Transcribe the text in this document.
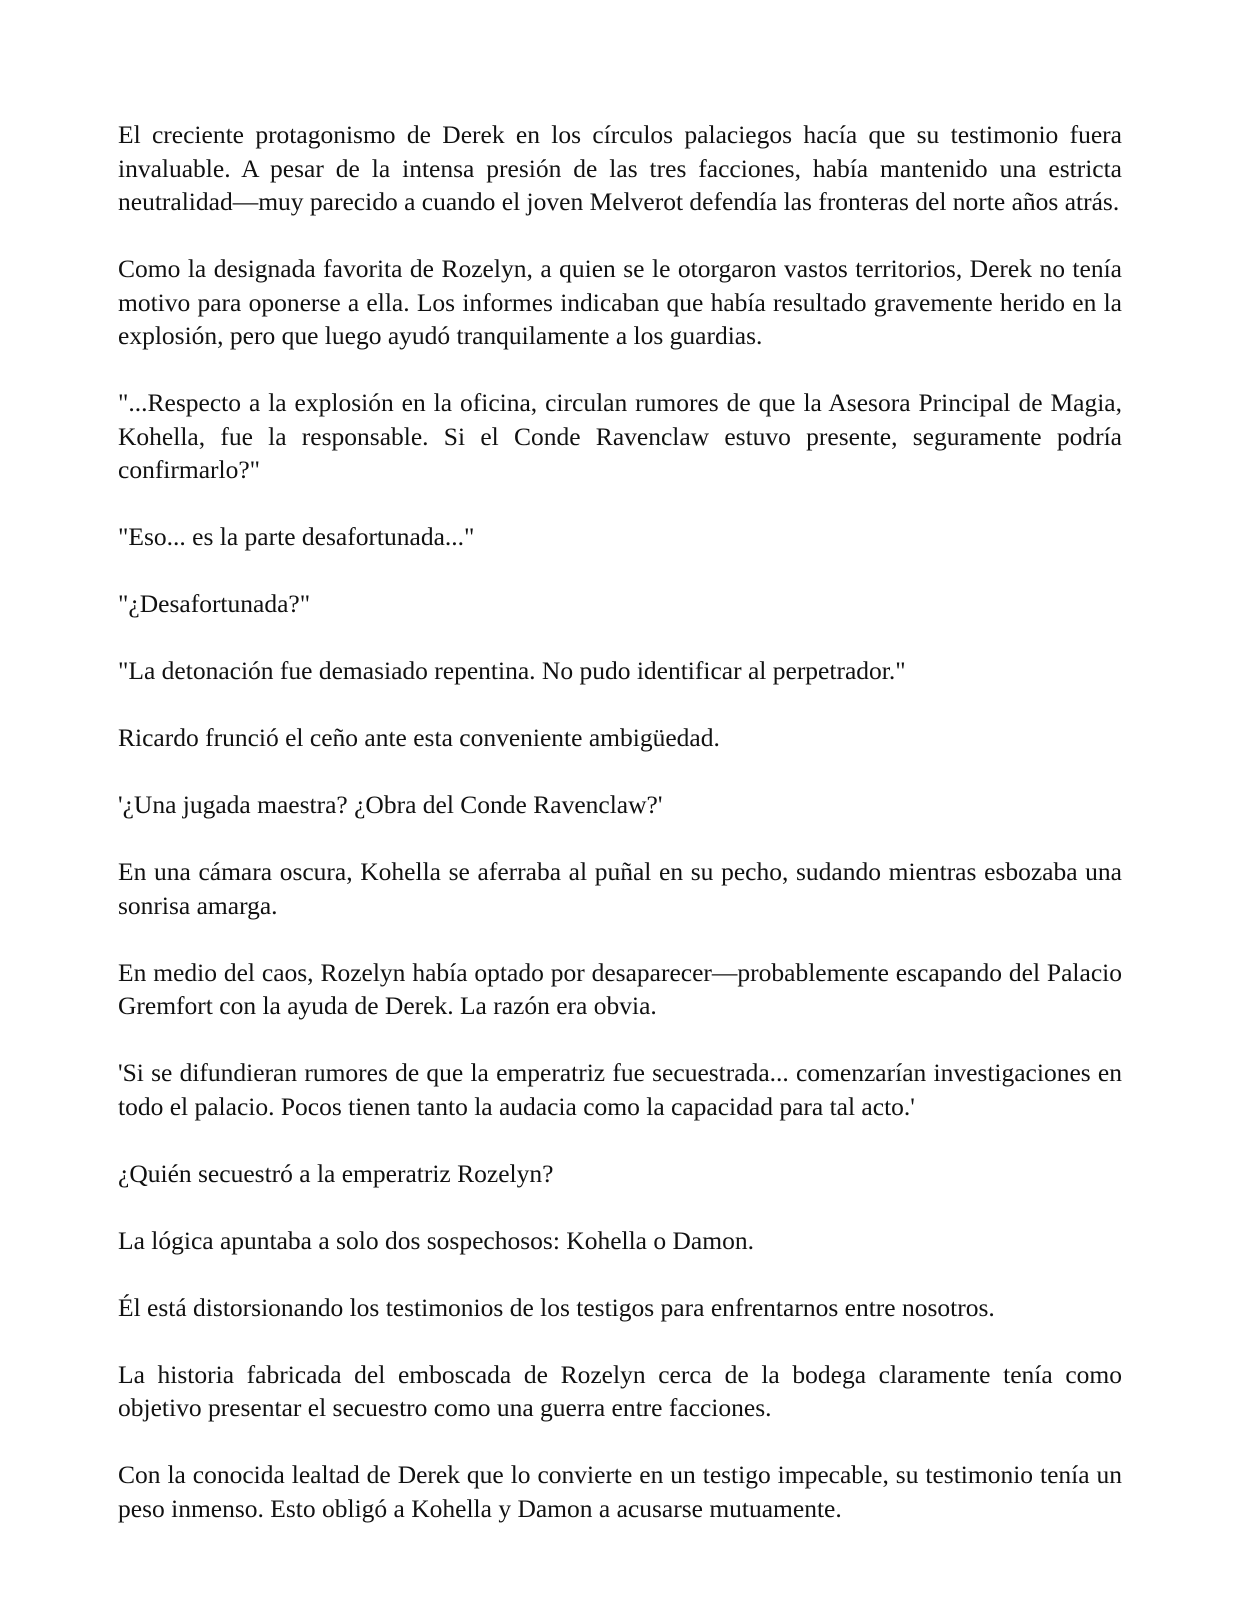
El creciente protagonismo de Derek en los círculos palaciegos hacía que su testimonio fuera invaluable. A pesar de la intensa presión de las tres facciones, había mantenido una estricta neutralidad—muy parecido a cuando el joven Melverot defendía las fronteras del norte años atrás.

Como la designada favorita de Rozelyn, a quien se le otorgaron vastos territorios, Derek no tenía motivo para oponerse a ella. Los informes indicaban que había resultado gravemente herido en la explosión, pero que luego ayudó tranquilamente a los guardias.

"...Respecto a la explosión en la oficina, circulan rumores de que la Asesora Principal de Magia, Kohella, fue la responsable. Si el Conde Ravenclaw estuvo presente, seguramente podría confirmarlo?"

"Eso... es la parte desafortunada..."

"¿Desafortunada?"

"La detonación fue demasiado repentina. No pudo identificar al perpetrador."

Ricardo frunció el ceño ante esta conveniente ambigüedad.

'¿Una jugada maestra? ¿Obra del Conde Ravenclaw?'

En una cámara oscura, Kohella se aferraba al puñal en su pecho, sudando mientras esbozaba una sonrisa amarga.

En medio del caos, Rozelyn había optado por desaparecer—probablemente escapando del Palacio Gremfort con la ayuda de Derek. La razón era obvia.

'Si se difundieran rumores de que la emperatriz fue secuestrada... comenzarían investigaciones en todo el palacio. Pocos tienen tanto la audacia como la capacidad para tal acto.'

¿Quién secuestró a la emperatriz Rozelyn?

La lógica apuntaba a solo dos sospechosos: Kohella o Damon.

Él está distorsionando los testimonios de los testigos para enfrentarnos entre nosotros.

La historia fabricada del emboscada de Rozelyn cerca de la bodega claramente tenía como objetivo presentar el secuestro como una guerra entre facciones.

Con la conocida lealtad de Derek que lo convierte en un testigo impecable, su testimonio tenía un peso inmenso. Esto obligó a Kohella y Damon a acusarse mutuamente.
